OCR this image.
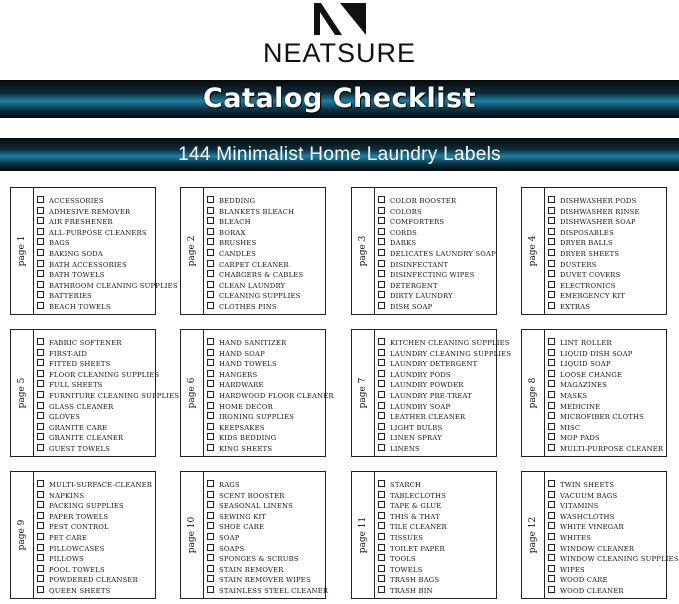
NEATSURE
Catalog Checklist
144 Minimalist Home Laundry Labels
page 1
ACCESSORIES
ADHESIVE REMOVER
AIR FRESHENER
ALL-PURPOSE CLEANERS
BAGS
BAKING SODA
BATH ACCESSORIES
BATH TOWELS
BATHROOM CLEANING SUPPLIES
BATTERIES
BEACH TOWELS
page 2
BEDDING
BLANKETS BLEACH
BLEACH
BORAX
BRUSHES
CANDLES
CARPET CLEANER
CHARGERS & CABLES
CLEAN LAUNDRY
CLEANING SUPPLIES
CLOTHES PINS
page 3
COLOR BOOSTER
COLORS
COMFORTERS
CORDS
DARKS
DELICATES LAUNDRY SOAP
DISINFECTANT
DISINFECTING WIPES
DETERGENT
DIRTY LAUNDRY
DISH SOAP
page 4
DISHWASHER PODS
DISHWASHER RINSE
DISHWASHER SOAP
DISPOSABLES
DRYER BALLS
DRYER SHEETS
DUSTERS
DUVET COVERS
ELECTRONICS
EMERGENCY KIT
EXTRAS
page 5
FABRIC SOFTENER
FIRST-AID
FITTED SHEETS
FLOOR CLEANING SUPPLIES
FULL SHEETS
FURNITURE CLEANING SUPPLIES
GLASS CLEANER
GLOVES
GRANITE CARE
GRANITE CLEANER
GUEST TOWELS
page 6
HAND SANITIZER
HAND SOAP
HAND TOWELS
HANGERS
HARDWARE
HARDWOOD FLOOR CLEANER
HOME DECOR
IRONING SUPPLIES
KEEPSAKES
KIDS BEDDING
KING SHEETS
page 7
KITCHEN CLEANING SUPPLIES
LAUNDRY CLEANING SUPPLIES
LAUNDRY DETERGENT
LAUNDRY PODS
LAUNDRY POWDER
LAUNDRY PRE-TREAT
LAUNDRY SOAP
LEATHER CLEANER
LIGHT BULBS
LINEN SPRAY
LINENS
page 8
LINT ROLLER
LIQUID DISH SOAP
LIQUID SOAP
LOOSE CHANGE
MAGAZINES
MASKS
MEDICINE
MICROFIBER CLOTHS
MISC
MOP PADS
MULTI-PURPOSE CLEANER
page 9
MULTI-SURFACE-CLEANER
NAPKINS
PACKING SUPPLIES
PAPER TOWELS
PEST CONTROL
PET CARE
PILLOWCASES
PILLOWS
POOL TOWELS
POWDERED CLEANSER
QUEEN SHEETS
page 10
RAGS
SCENT BOOSTER
SEASONAL LINENS
SEWING KIT
SHOE CARE
SOAP
SOAPS
SPONGES & SCRUBS
STAIN REMOVER
STAIN REMOVER WIPES
STAINLESS STEEL CLEANER
page 11
STARCH
TABLECLOTHS
TAPE & GLUE
THIS & THAT
TILE CLEANER
TISSUES
TOILET PAPER
TOOLS
TOWELS
TRASH BAGS
TRASH BIN
page 12
TWIN SHEETS
VACUUM BAGS
VITAMINS
WASHCLOTHS
WHITE VINEGAR
WHITES
WINDOW CLEANER
WINDOW CLEANING SUPPLIES
WIPES
WOOD CARE
WOOD CLEANER
